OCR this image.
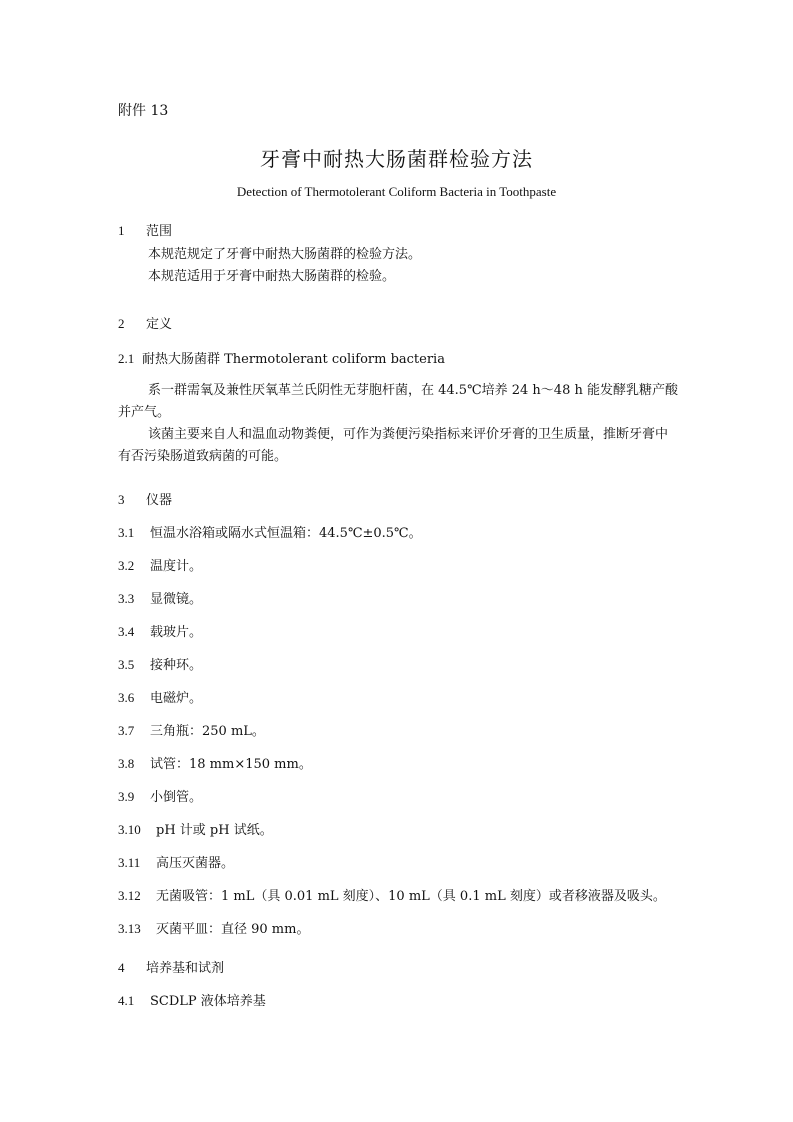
附件 13
牙膏中耐热大肠菌群检验方法
Detection of Thermotolerant Coliform Bacteria in Toothpaste
1 范围
本规范规定了牙膏中耐热大肠菌群的检验方法。
本规范适用于牙膏中耐热大肠菌群的检验。
2 定义
2.1 耐热大肠菌群 Thermotolerant coliform bacteria
系一群需氧及兼性厌氧革兰氏阴性无芽胞杆菌，在 44.5℃培养 24 h～48 h 能发酵乳糖产酸并产气。
该菌主要来自人和温血动物粪便，可作为粪便污染指标来评价牙膏的卫生质量，推断牙膏中有否污染肠道致病菌的可能。
3 仪器
3.1 恒温水浴箱或隔水式恒温箱：44.5℃±0.5℃。
3.2 温度计。
3.3 显微镜。
3.4 载玻片。
3.5 接种环。
3.6 电磁炉。
3.7 三角瓶：250 mL。
3.8 试管：18 mm×150 mm。
3.9 小倒管。
3.10 pH 计或 pH 试纸。
3.11 高压灭菌器。
3.12 无菌吸管：1 mL（具 0.01 mL 刻度）、10 mL（具 0.1 mL 刻度）或者移液器及吸头。
3.13 灭菌平皿：直径 90 mm。
4 培养基和试剂
4.1 SCDLP 液体培养基
